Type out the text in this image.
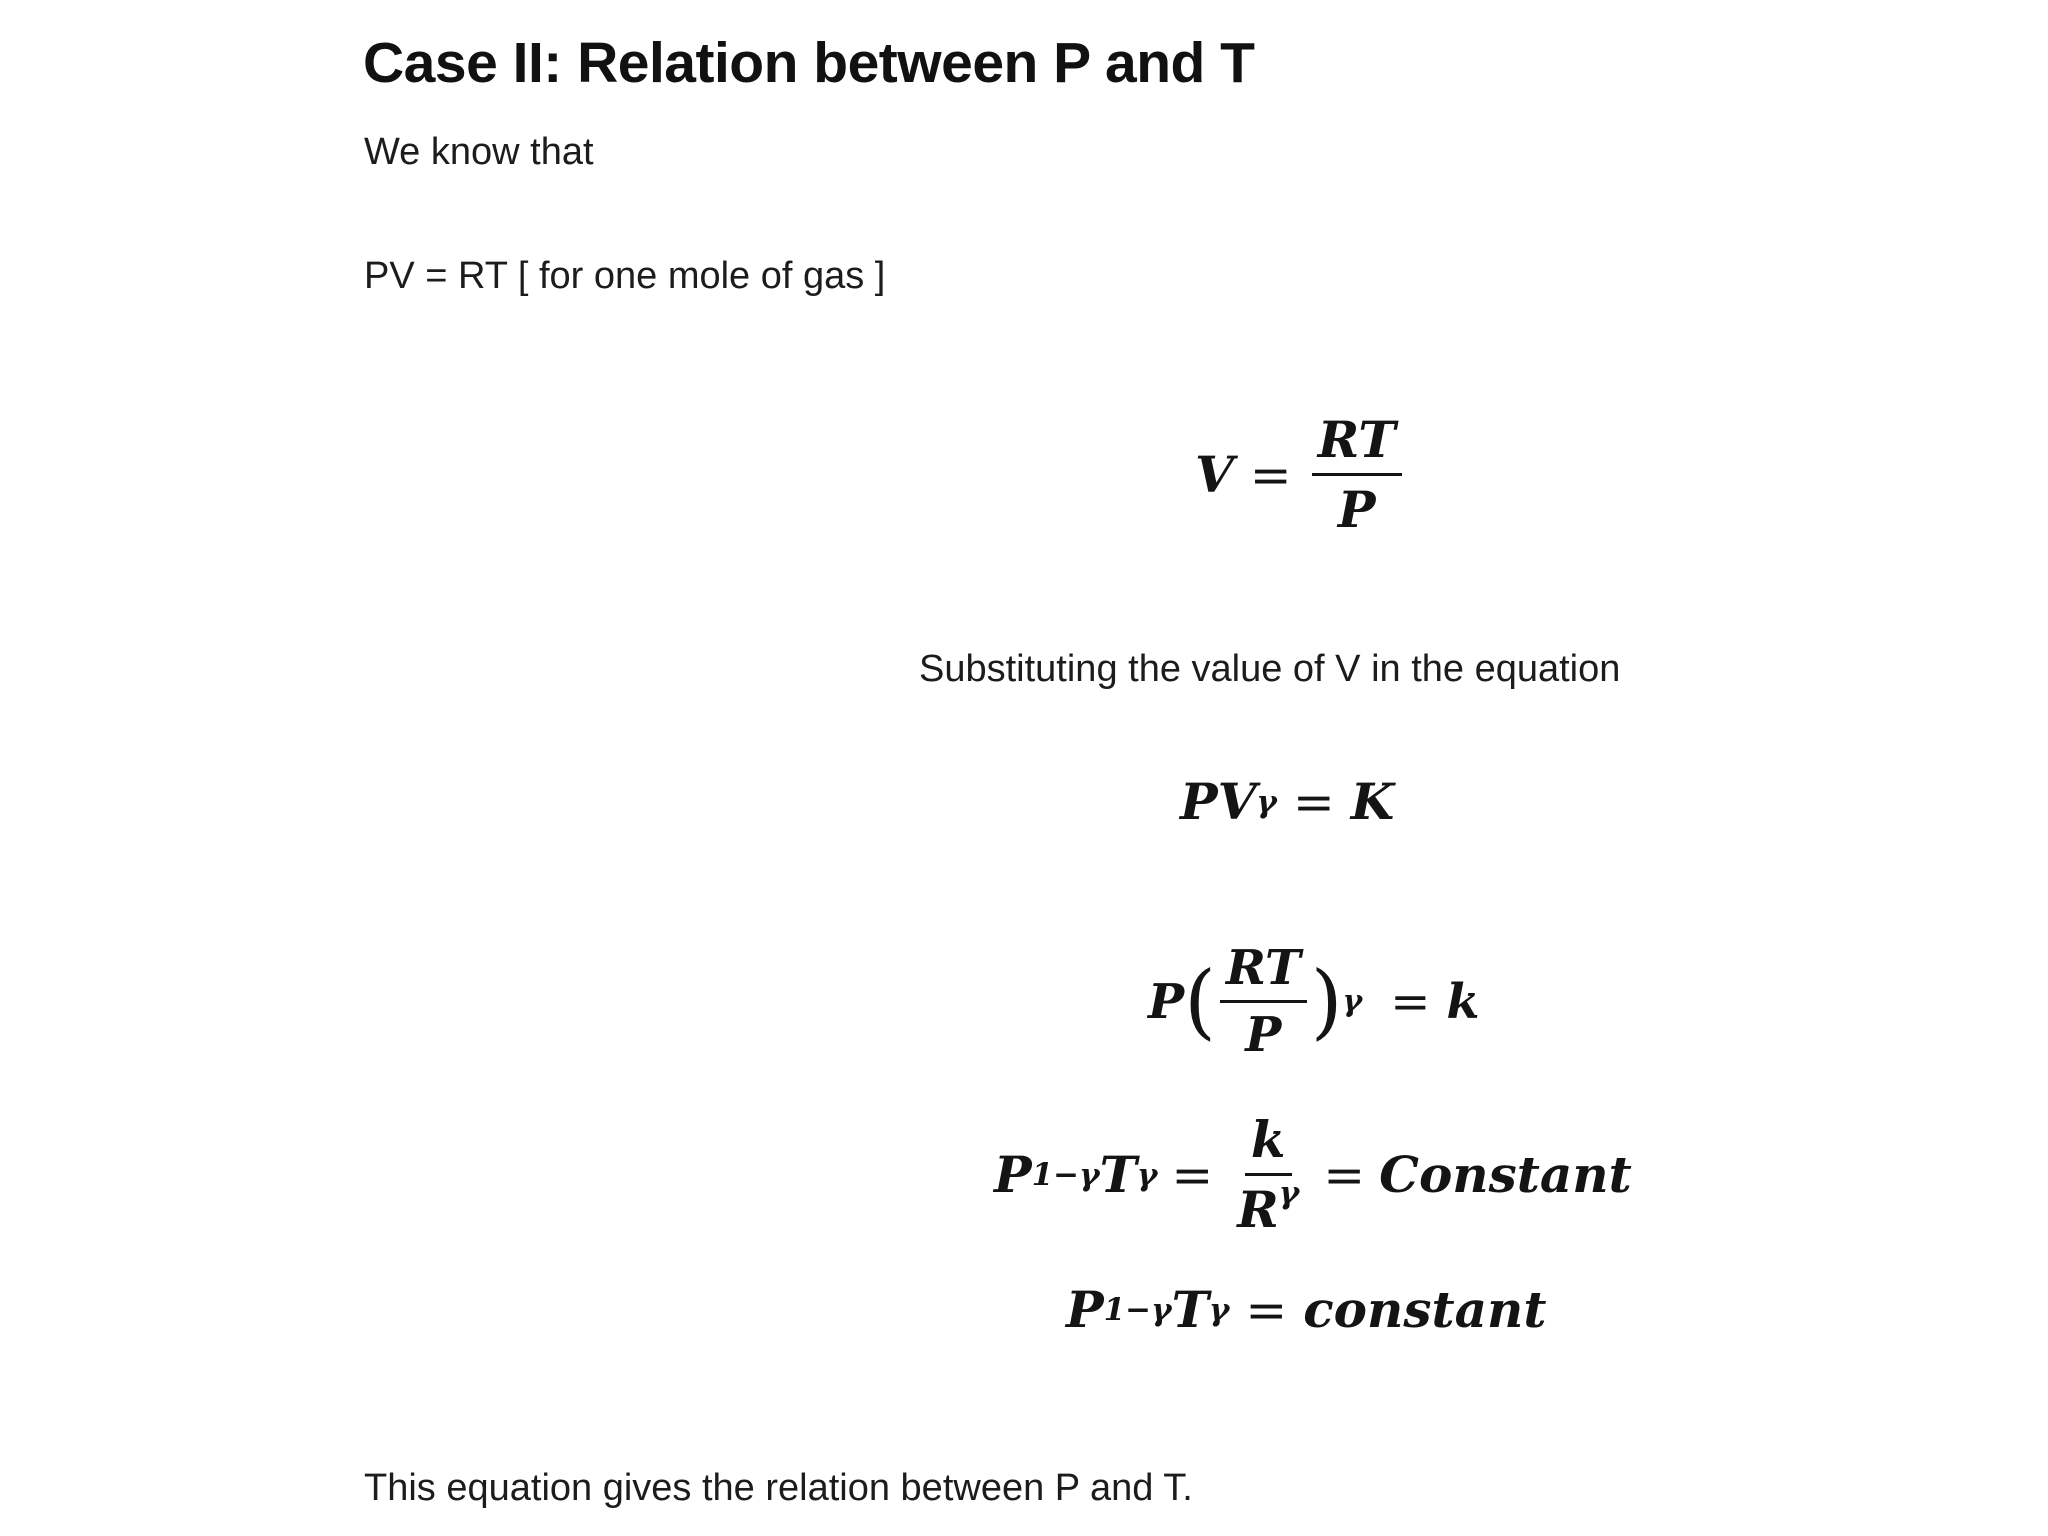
Case II: Relation between P and T
We know that
PV = RT [ for one mole of gas ]
$V = \frac{RT}{P}$
Substituting the value of V in the equation
PV γ = K
P ( $\frac{RT}{P}$ ) γ = k
P 1−γ T $\gamma = \frac{k}{R^\gamma}$ = Constant
P 1−γ T γ = constant
This equation gives the relation between P and T.
